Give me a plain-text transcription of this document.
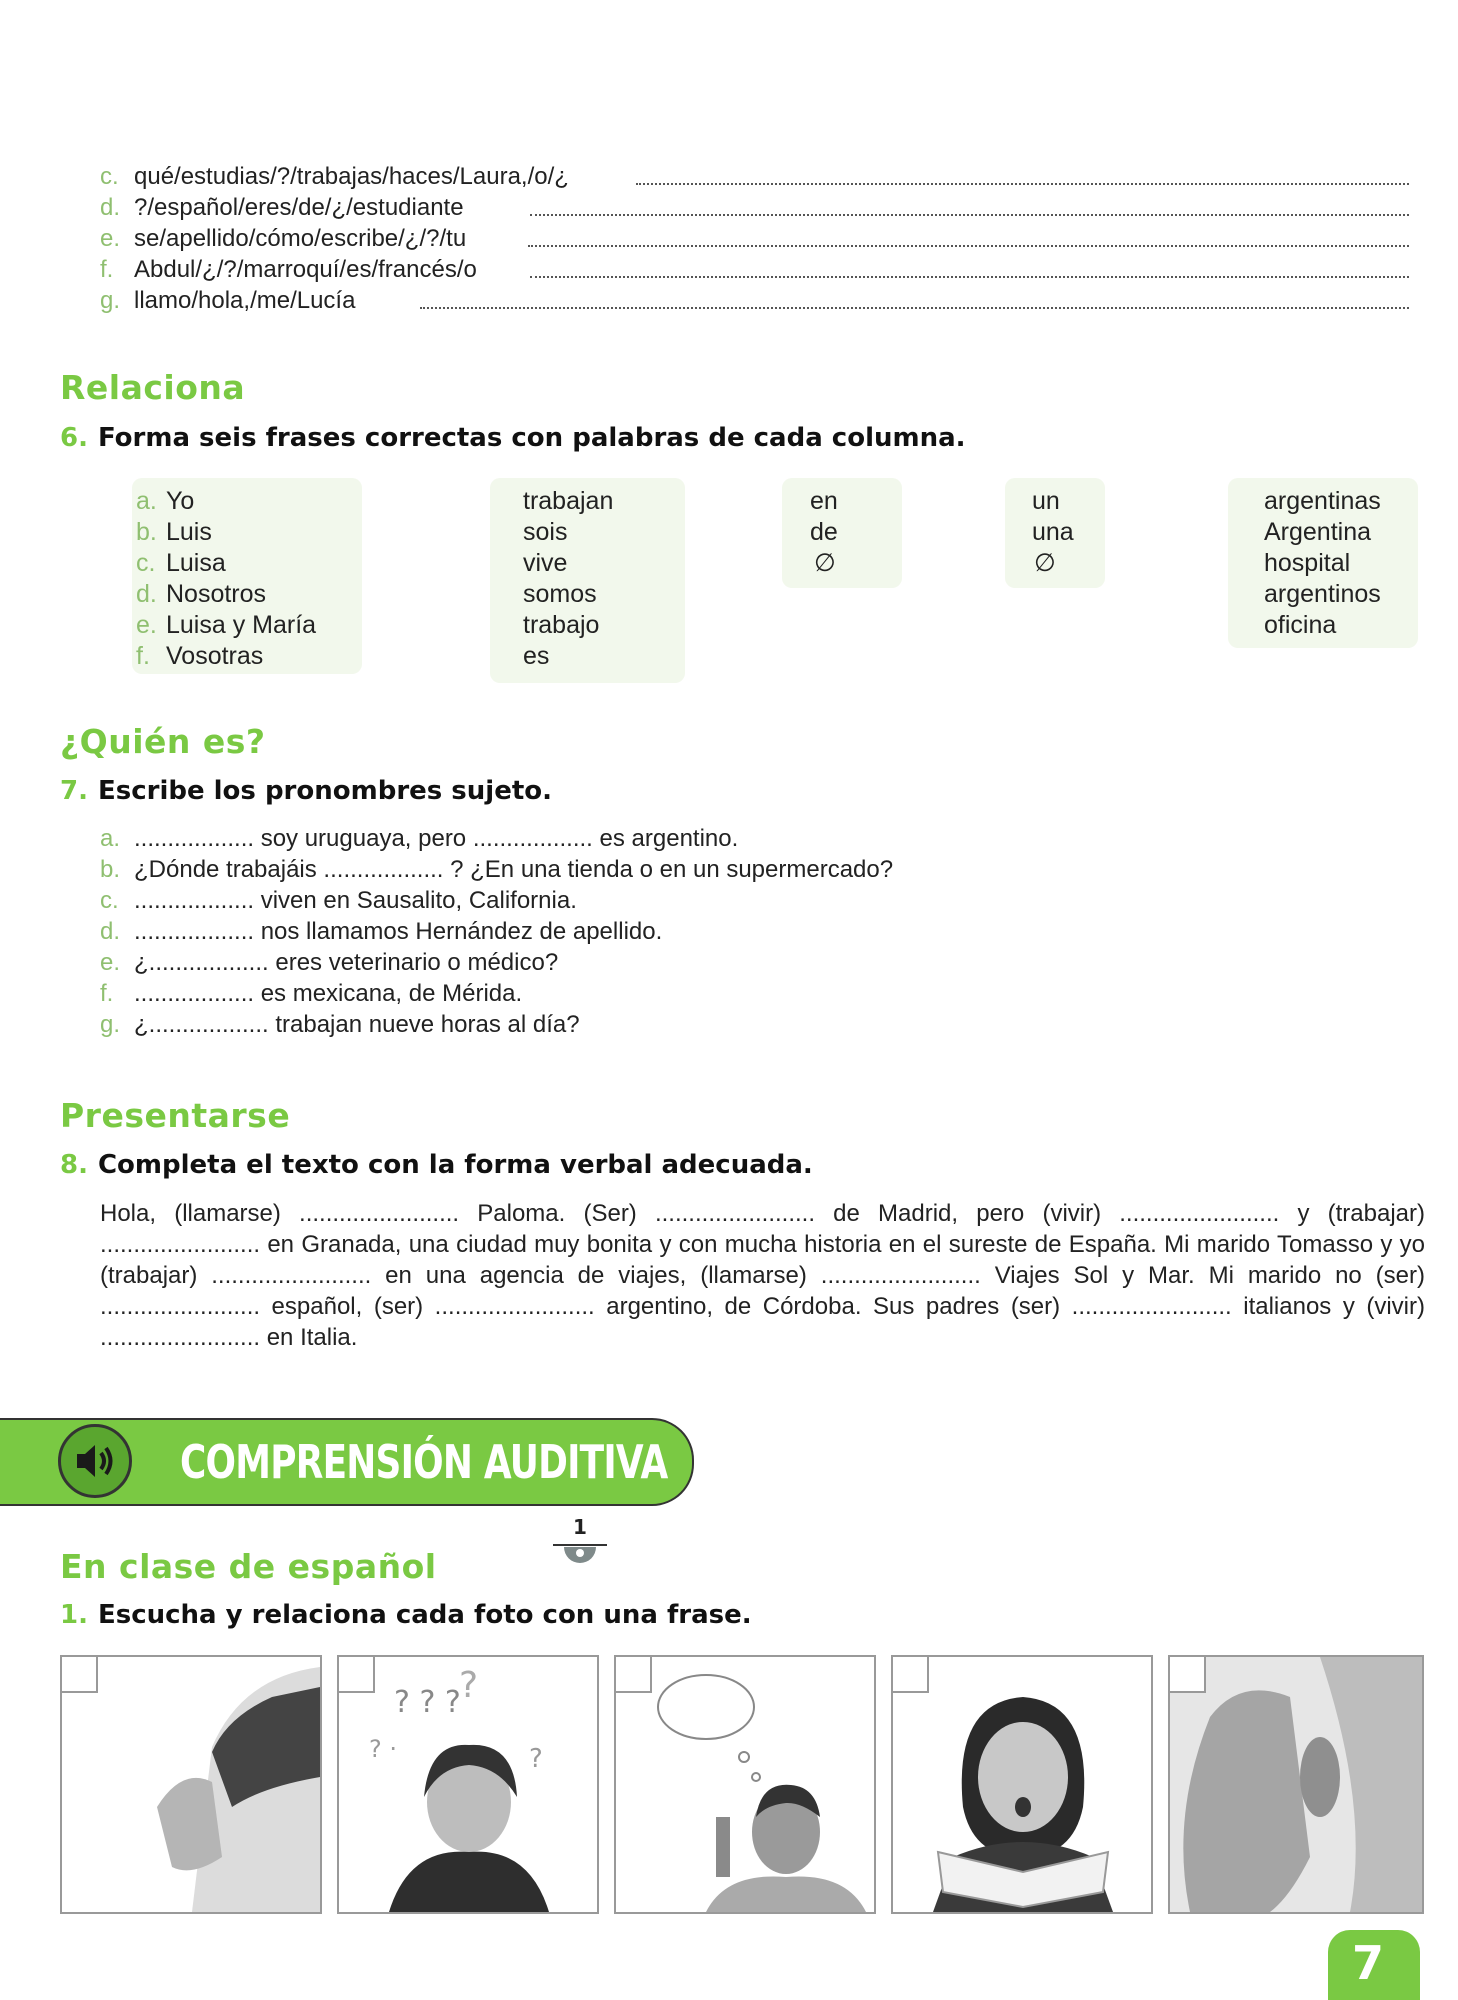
c. qué/estudias/?/trabajas/haces/Laura,/o/¿
d. ?/español/eres/de/¿/estudiante
e. se/apellido/cómo/escribe/¿/?/tu
f. Abdul/¿/?/marroquí/es/francés/o
g. llamo/hola,/me/Lucía
Relaciona
6. Forma seis frases correctas con palabras de cada columna.
a. Yo
b. Luis
c. Luisa
d. Nosotros
e. Luisa y María
f. Vosotras
trabajan
sois
vive
somos
trabajo
es
en
de
∅
un
una
∅
argentinas
Argentina
hospital
argentinos
oficina
¿Quién es?
7. Escribe los pronombres sujeto.
a. .................. soy uruguaya, pero .................. es argentino.
b. ¿Dónde trabajáis .................. ? ¿En una tienda o en un supermercado?
c. .................. viven en Sausalito, California.
d. .................. nos llamamos Hernández de apellido.
e. ¿.................. eres veterinario o médico?
f. .................. es mexicana, de Mérida.
g. ¿.................. trabajan nueve horas al día?
Presentarse
8. Completa el texto con la forma verbal adecuada.
Hola, (llamarse) ........................ Paloma. (Ser) ........................ de Madrid, pero (vivir) ........................ y (trabajar) ........................ en Granada, una ciudad muy bonita y con mucha historia en el sureste de España. Mi marido Tomasso y yo (trabajar) ........................ en una agencia de viajes, (llamarse) ........................ Viajes Sol y Mar. Mi marido no (ser) ........................ español, (ser) ........................ argentino, de Córdoba. Sus padres (ser) ........................ italianos y (vivir) ........................ en Italia.
COMPRENSIÓN AUDITIVA
En clase de español
1
1. Escucha y relaciona cada foto con una frase.
? ? ?
?
? ·	?
7
